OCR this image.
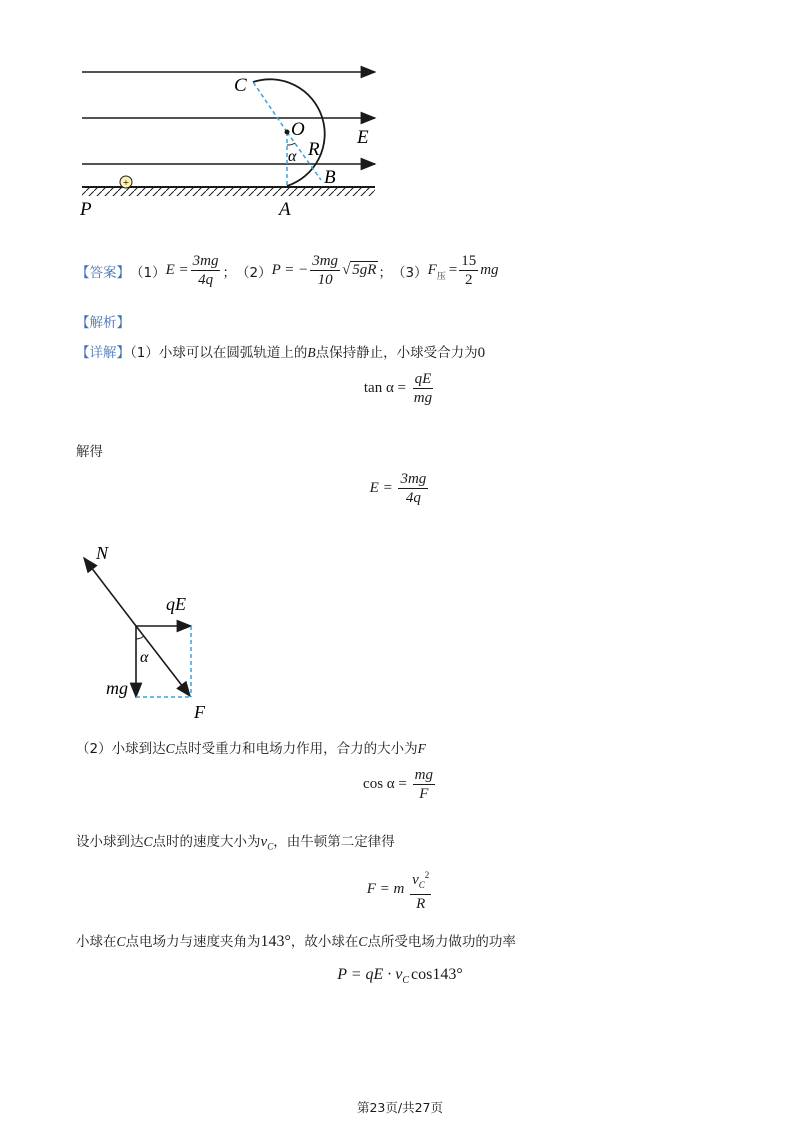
+
C
O	E
R
α
B
P	A
【答案】 （1） $E = \frac{3mg}{4q}$ ； （2） P = − $\frac{3mg}{10}$ √ 5gR ； （3） $F_压 = \frac{15}{2}$ mg
【解析】
【详解】（1）小球可以在圆弧轨道上的B点保持静止，小球受合力为0
$\tan \alpha = \frac{qE}{mg}$
解得
$E = \frac{3mg}{4q}$
N
qE
α
mg
F
（2）小球到达C点时受重力和电场力作用，合力的大小为F
$\cos \alpha = \frac{mg}{F}$
设小球到达C点时的速度大小为$v_C$，由牛顿第二定律得
F = m $\frac{v_C^2}{R}$
小球在C点电场力与速度夹角为143°，故小球在C点所受电场力做功的功率
P = qE · $v_C$ cos143°
第23页/共27页
